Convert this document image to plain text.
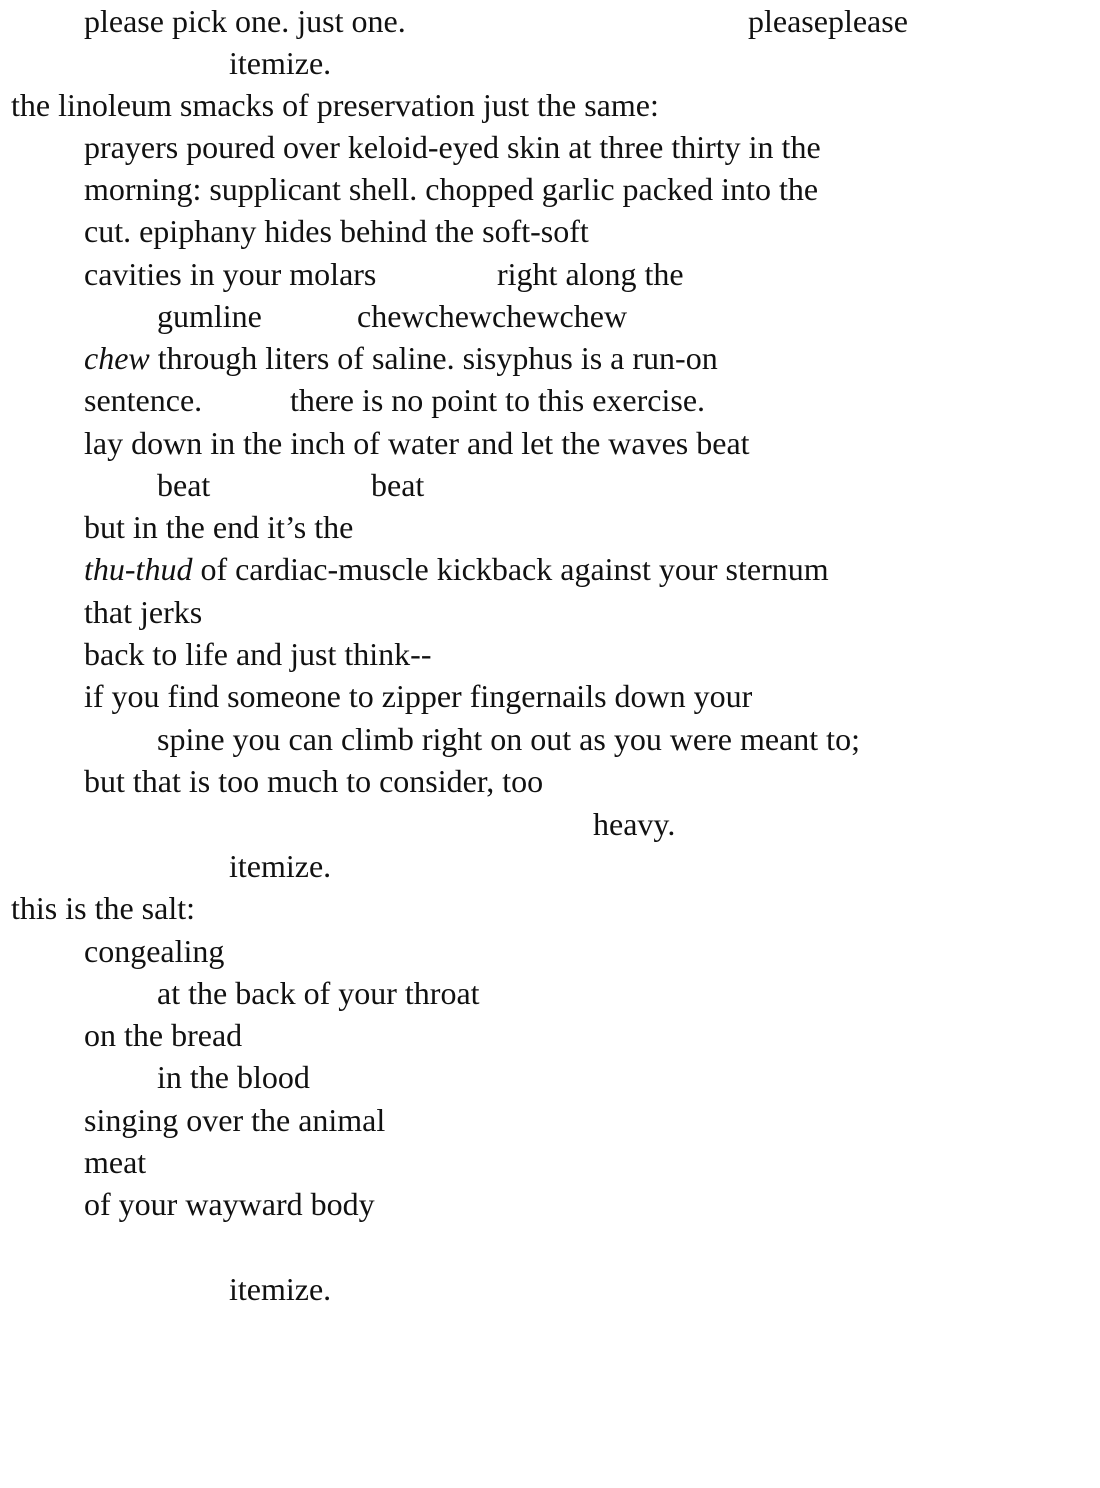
please pick one. just one.

	pleaseplease

itemize.

the linoleum smacks of preservation just the same:

prayers poured over keloid-eyed skin at three thirty in the

morning: supplicant shell. chopped garlic packed into the

cut. epiphany hides behind the soft-soft

cavities in your molars

	right along the

gumline

	chewchewchewchew

chew through liters of saline. sisyphus is a run-on

sentence.

	there is no point to this exercise.

lay down in the inch of water and let the waves beat

beat

	beat

but in the end it’s the

thu-thud of cardiac-muscle kickback against your sternum

that jerks

back to life and just think--

if you find someone to zipper fingernails down your

spine you can climb right on out as you were meant to;

but that is too much to consider, too

heavy.

itemize.

this is the salt:

congealing

at the back of your throat

on the bread

in the blood

singing over the animal

meat

of your wayward body

itemize.
